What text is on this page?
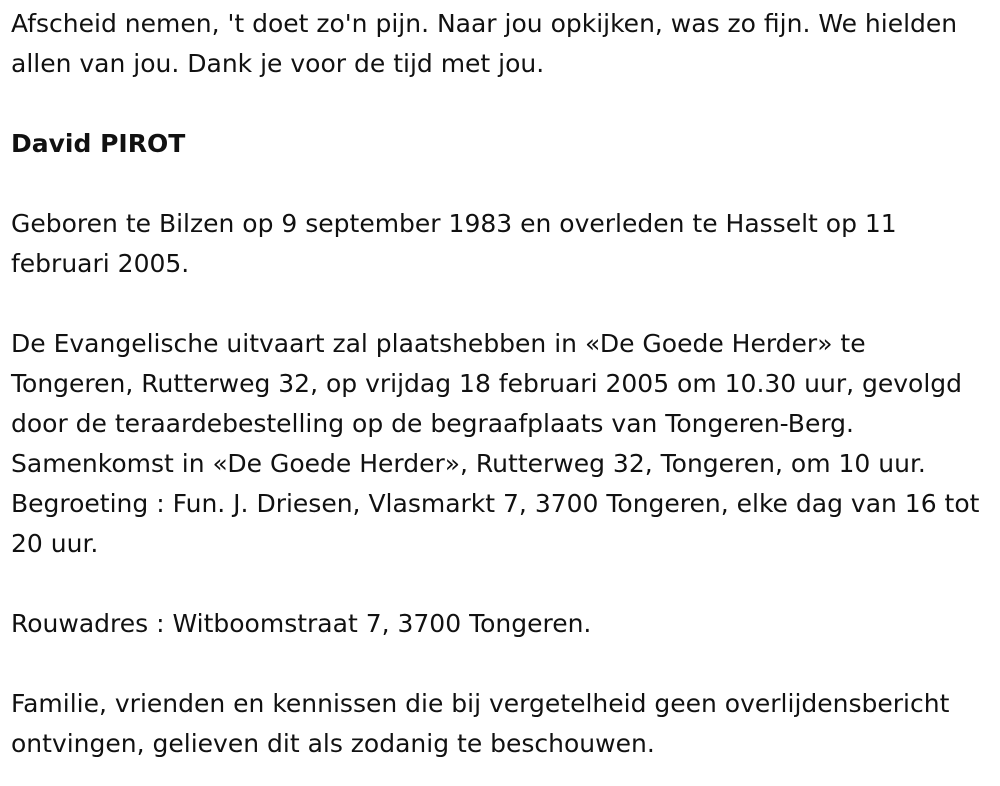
Afscheid nemen, 't doet zo'n pijn. Naar jou opkijken, was zo fijn. We hielden allen van jou. Dank je voor de tijd met jou.

David PIROT

Geboren te Bilzen op 9 september 1983 en overleden te Hasselt op 11 februari 2005.

De Evangelische uitvaart zal plaatshebben in «De Goede Herder» te Tongeren, Rutterweg 32, op vrijdag 18 februari 2005 om 10.30 uur, gevolgd door de teraardebestelling op de begraafplaats van Tongeren-Berg. Samenkomst in «De Goede Herder», Rutterweg 32, Tongeren, om 10 uur. Begroeting : Fun. J. Driesen, Vlasmarkt 7, 3700 Tongeren, elke dag van 16 tot 20 uur.

Rouwadres : Witboomstraat 7, 3700 Tongeren.

Familie, vrienden en kennissen die bij vergetelheid geen overlijdensbericht ontvingen, gelieven dit als zodanig te beschouwen.
